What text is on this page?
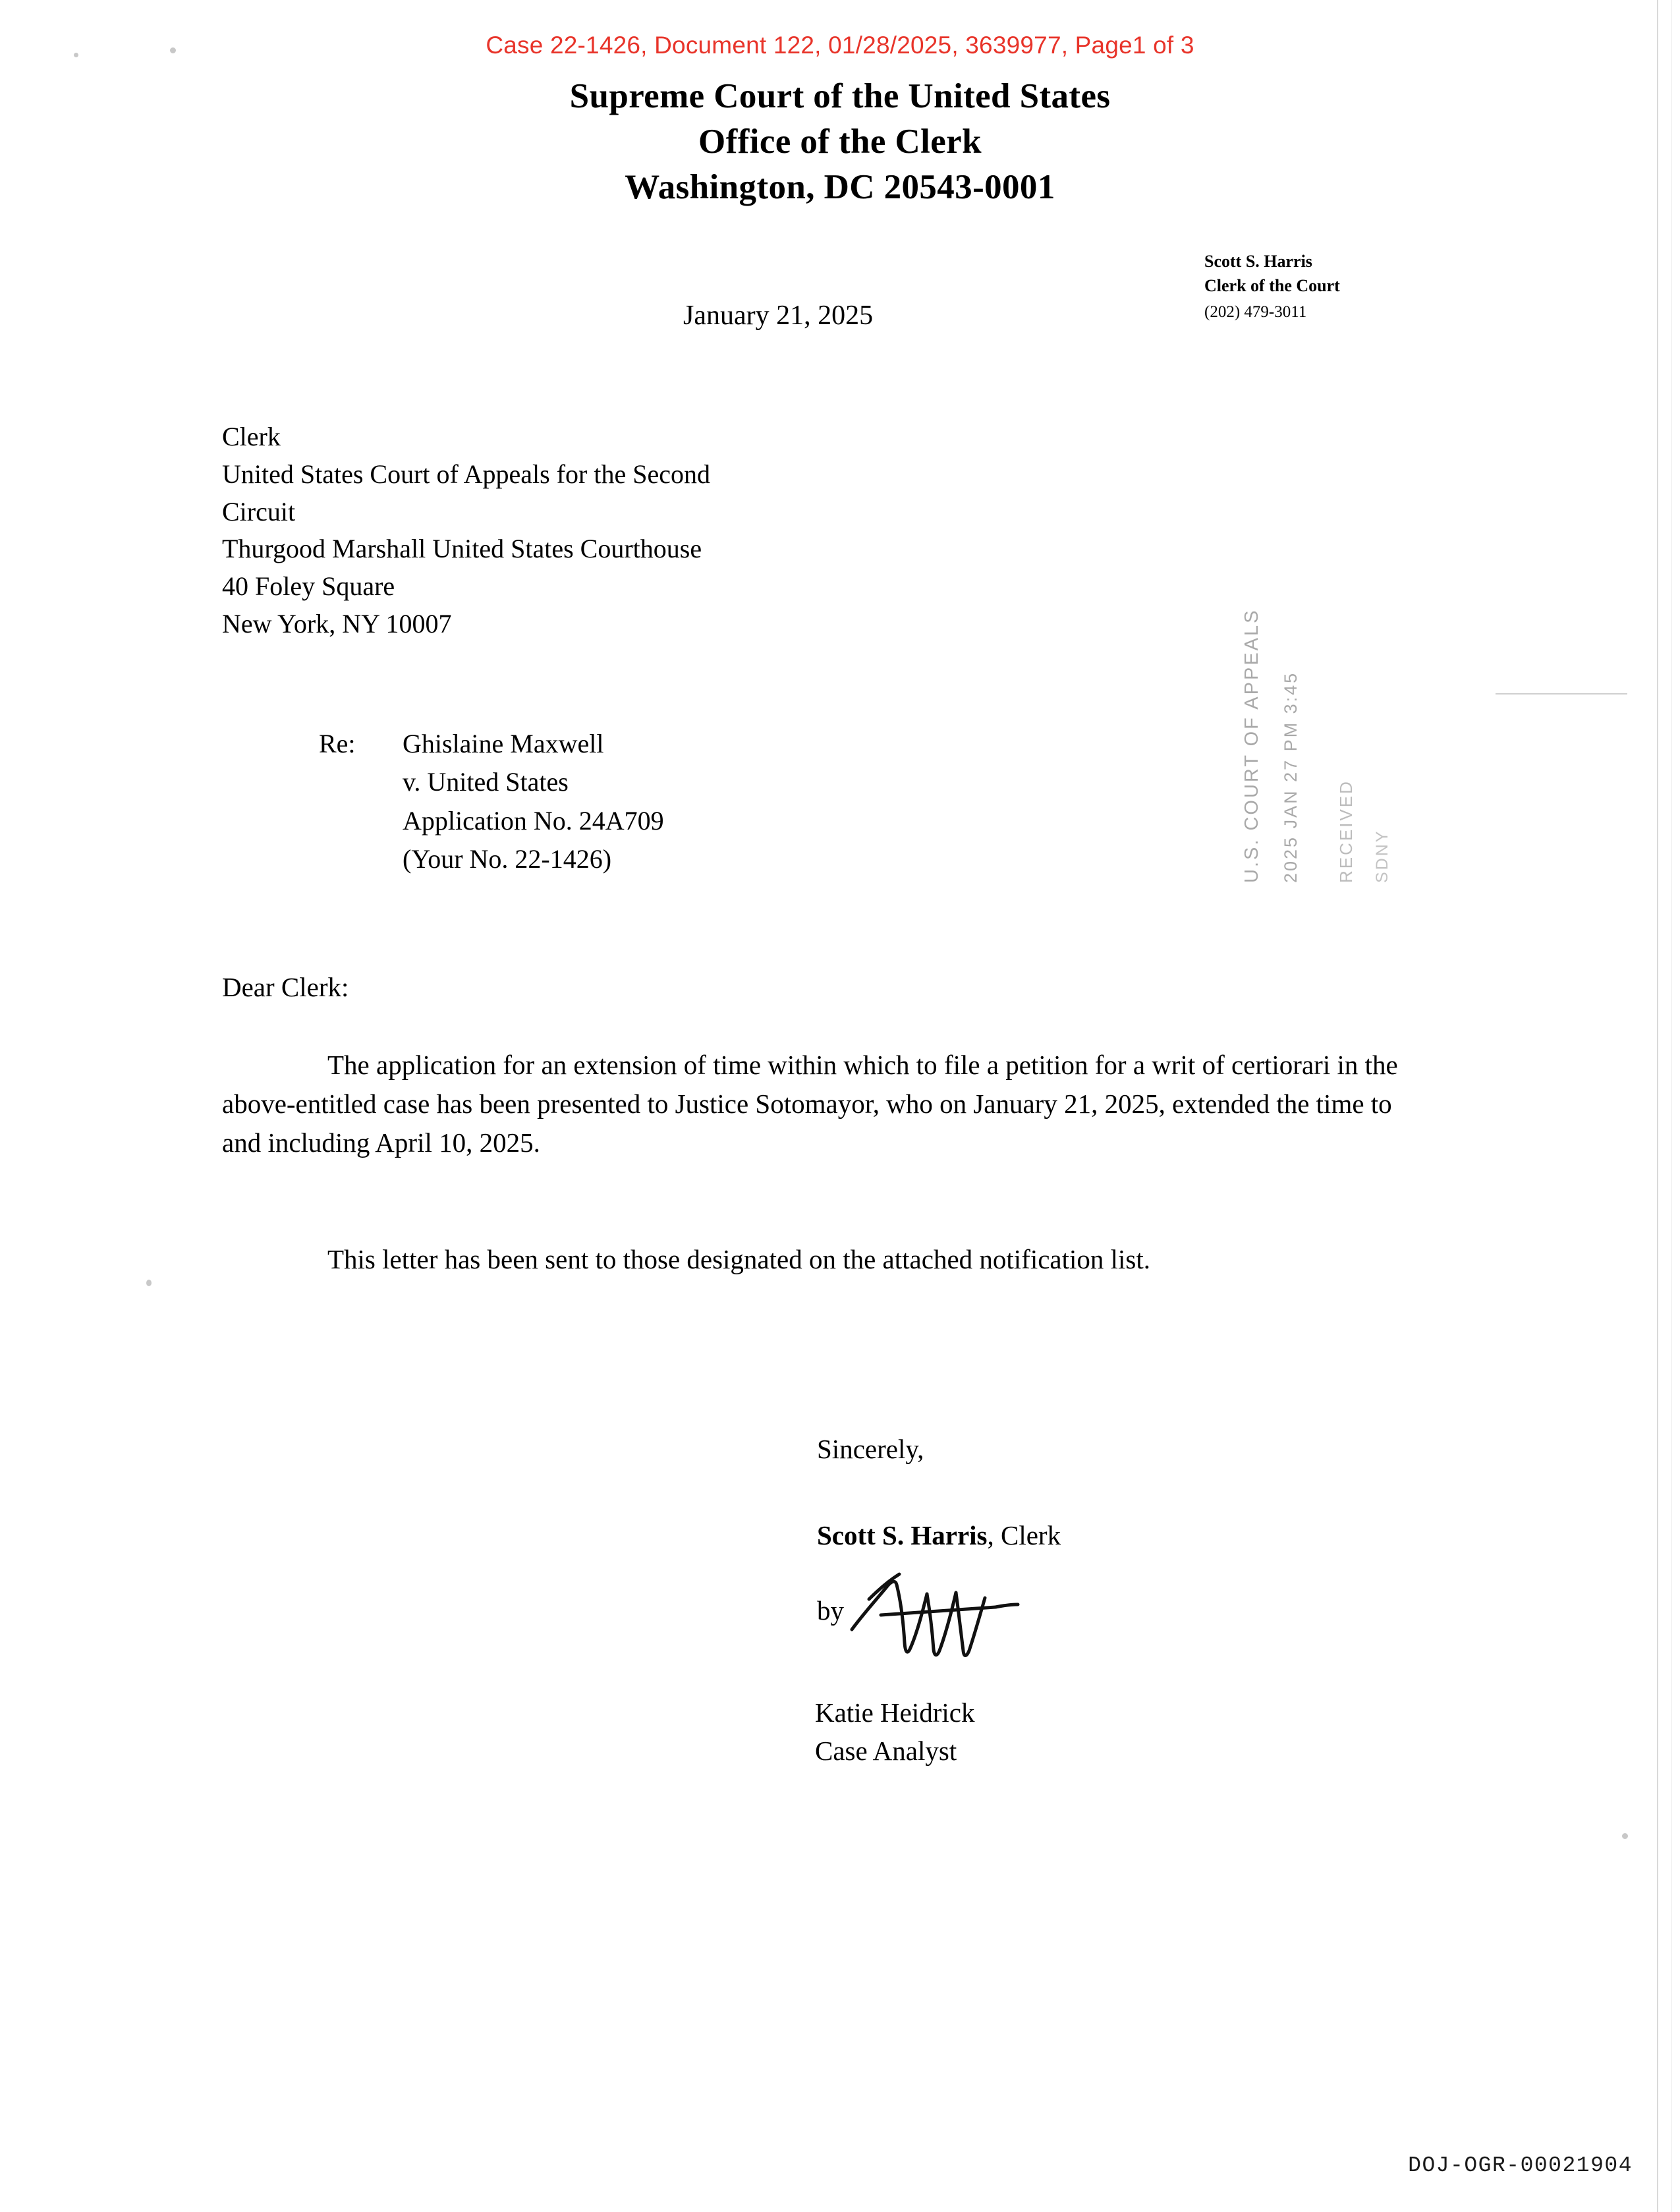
Case 22-1426, Document 122, 01/28/2025, 3639977, Page1 of 3
Supreme Court of the United States
Office of the Clerk
Washington, DC 20543-0001
Scott S. Harris
Clerk of the Court
(202) 479-3011
January 21, 2025
Clerk
United States Court of Appeals for the Second
Circuit
Thurgood Marshall United States Courthouse
40 Foley Square
New York, NY 10007
Re: Ghislaine Maxwell
v. United States
Application No. 24A709
(Your No. 22-1426)	U.S. COURT OF APPEALS 2025 JAN 27 PM 3:45 RECEIVED SDNY
Dear Clerk:
The application for an extension of time within which to file a petition for a writ of certiorari in the above-entitled case has been presented to Justice Sotomayor, who on January 21, 2025, extended the time to and including April 10, 2025.
This letter has been sent to those designated on the attached notification list.
Sincerely,
Scott S. Harris, Clerk
by
Katie Heidrick
Case Analyst
DOJ-OGR-00021904
